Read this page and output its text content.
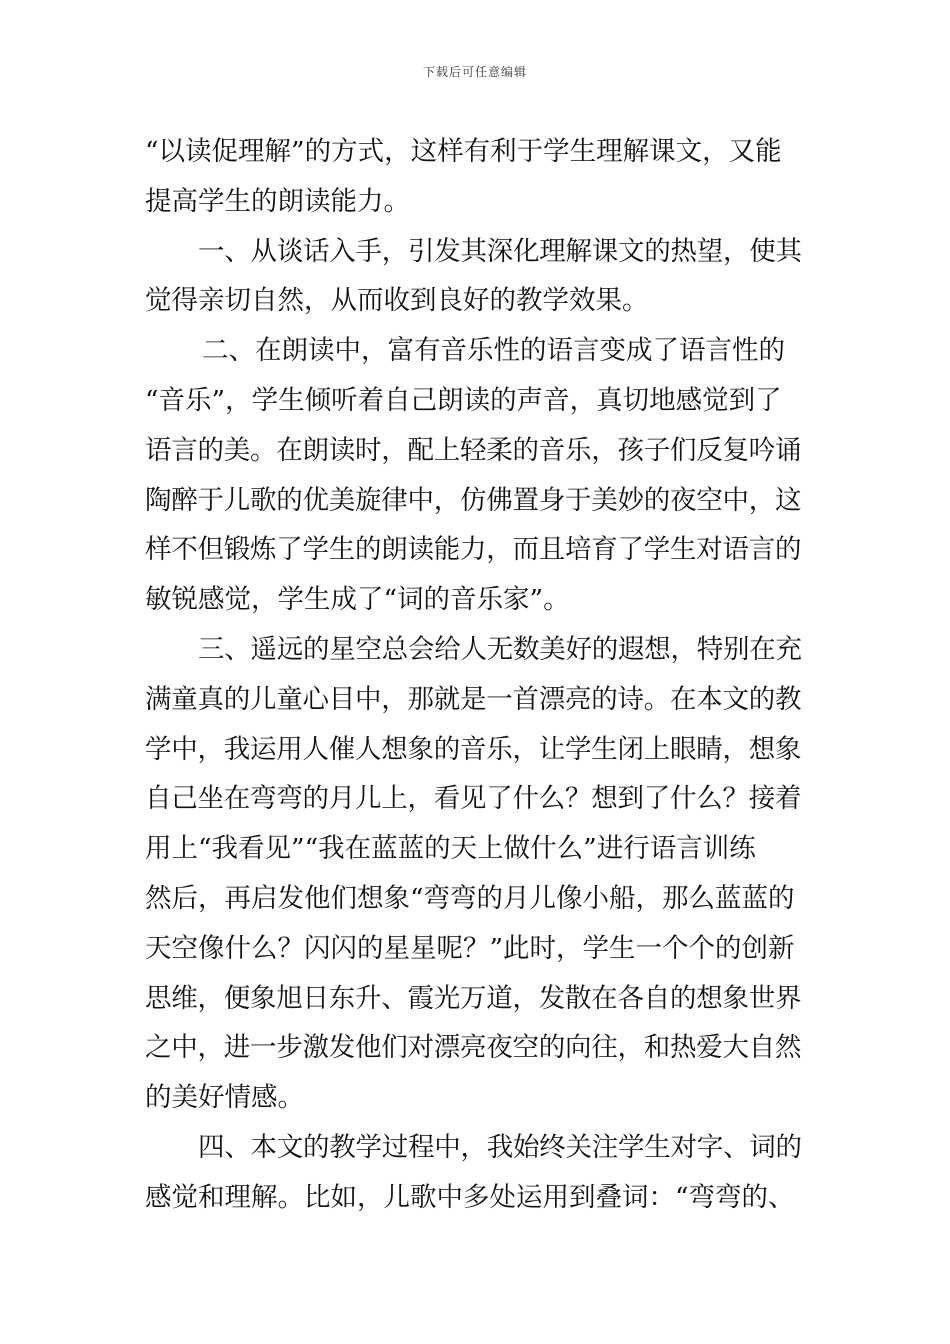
下载后可任意编辑
“以读促理解”的方式，这样有利于学生理解课文，又能
提高学生的朗读能力。
一、从谈话入手，引发其深化理解课文的热望，使其
觉得亲切自然，从而收到良好的教学效果。
二、在朗读中，富有音乐性的语言变成了语言性的
“音乐”，学生倾听着自己朗读的声音，真切地感觉到了
语言的美。在朗读时，配上轻柔的音乐，孩子们反复吟诵
陶醉于儿歌的优美旋律中，仿佛置身于美妙的夜空中，这
样不但锻炼了学生的朗读能力，而且培育了学生对语言的
敏锐感觉，学生成了“词的音乐家”。
三、遥远的星空总会给人无数美好的遐想，特别在充
满童真的儿童心目中，那就是一首漂亮的诗。在本文的教
学中，我运用人催人想象的音乐，让学生闭上眼睛，想象
自己坐在弯弯的月儿上，看见了什么？想到了什么？接着
用上“我看见”“我在蓝蓝的天上做什么”进行语言训练
然后，再启发他们想象“弯弯的月儿像小船，那么蓝蓝的
天空像什么？闪闪的星星呢？”此时，学生一个个的创新
思维，便象旭日东升、霞光万道，发散在各自的想象世界
之中，进一步激发他们对漂亮夜空的向往，和热爱大自然
的美好情感。
四、本文的教学过程中，我始终关注学生对字、词的
感觉和理解。比如，儿歌中多处运用到叠词：“弯弯的、
